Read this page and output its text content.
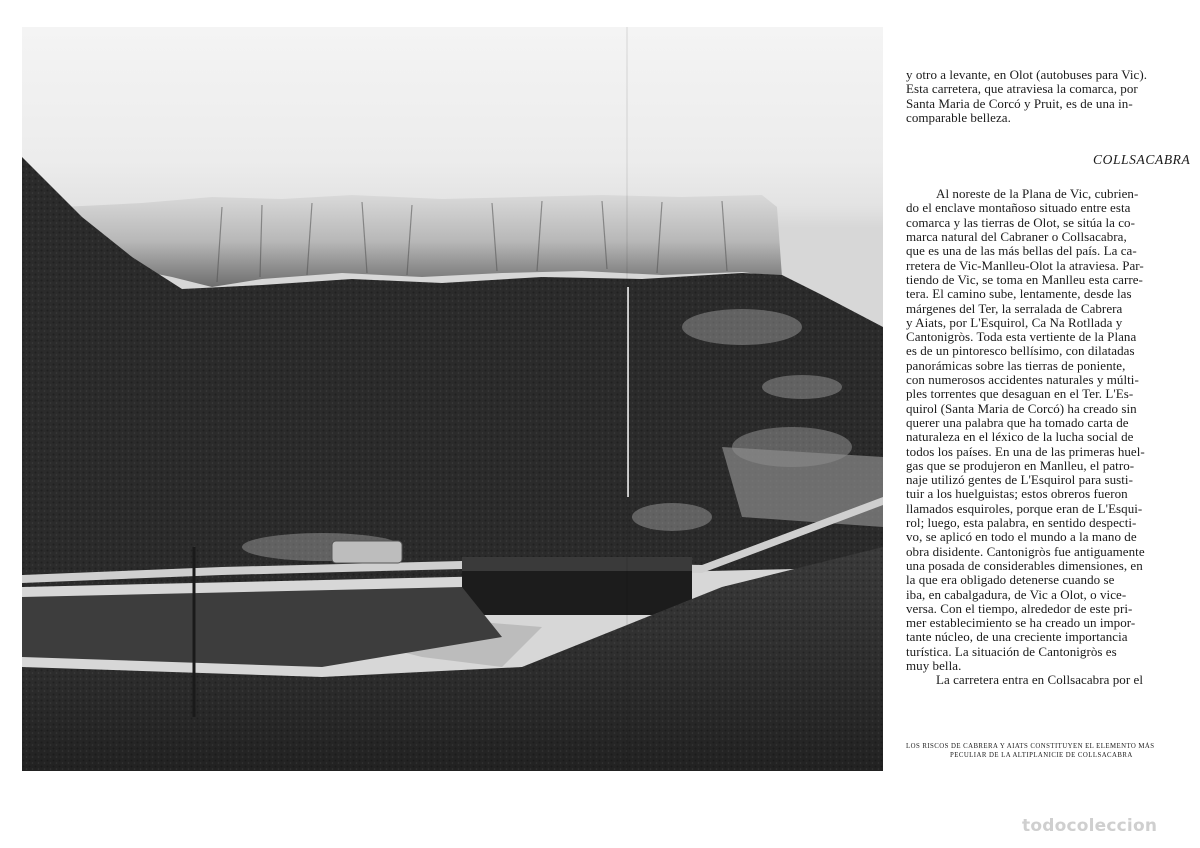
y otro a levante, en Olot (autobuses para Vic).
Esta carretera, que atraviesa la comarca, por
Santa Maria de Corcó y Pruit, es de una in-
comparable belleza.
COLLSACABRA
Al noreste de la Plana de Vic, cubrien-
do el enclave montañoso situado entre esta
comarca y las tierras de Olot, se sitúa la co-
marca natural del Cabraner o Collsacabra,
que es una de las más bellas del país. La ca-
rretera de Vic-Manlleu-Olot la atraviesa. Par-
tiendo de Vic, se toma en Manlleu esta carre-
tera. El camino sube, lentamente, desde las
márgenes del Ter, la serralada de Cabrera
y Aiats, por L'Esquirol, Ca Na Rotllada y
Cantonigròs. Toda esta vertiente de la Plana
es de un pintoresco bellísimo, con dilatadas
panorámicas sobre las tierras de poniente,
con numerosos accidentes naturales y múlti-
ples torrentes que desaguan en el Ter. L'Es-
quirol (Santa Maria de Corcó) ha creado sin
querer una palabra que ha tomado carta de
naturaleza en el léxico de la lucha social de
todos los países. En una de las primeras huel-
gas que se produjeron en Manlleu, el patro-
naje utilizó gentes de L'Esquirol para susti-
tuir a los huelguistas; estos obreros fueron
llamados esquiroles, porque eran de L'Esqui-
rol; luego, esta palabra, en sentido despecti-
vo, se aplicó en todo el mundo a la mano de
obra disidente. Cantonigròs fue antiguamente
una posada de considerables dimensiones, en
la que era obligado detenerse cuando se
iba, en cabalgadura, de Vic a Olot, o vice-
versa. Con el tiempo, alrededor de este pri-
mer establecimiento se ha creado un impor-
tante núcleo, de una creciente importancia
turística. La situación de Cantonigròs es
muy bella.
La carretera entra en Collsacabra por el
LOS RISCOS DE CABRERA Y AIATS CONSTITUYEN EL ELEMENTO MÁS
PECULIAR DE LA ALTIPLANICIE DE COLLSACABRA
todocoleccion
